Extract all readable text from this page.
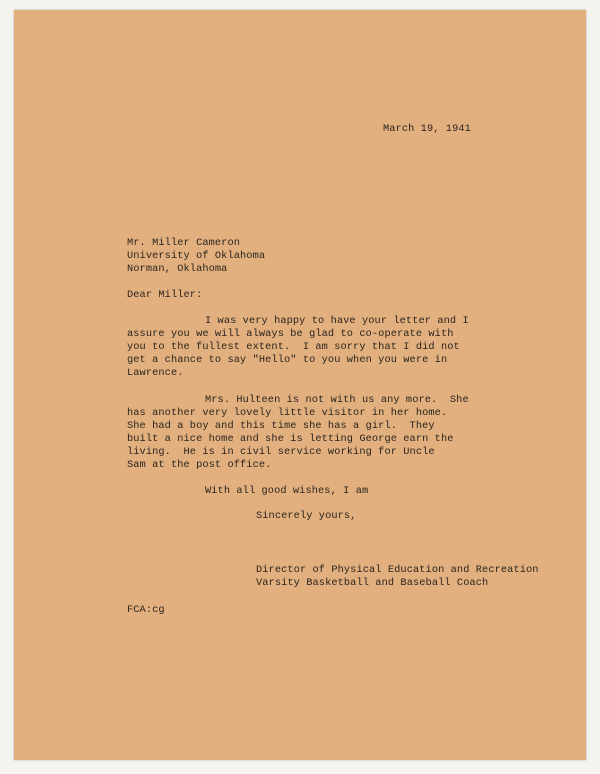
March 19, 1941
Mr. Miller Cameron
University of Oklahoma
Norman, Oklahoma
Dear Miller:
I was very happy to have your letter and I
assure you we will always be glad to co-operate with
you to the fullest extent.  I am sorry that I did not
get a chance to say "Hello" to you when you were in
Lawrence.
Mrs. Hulteen is not with us any more.  She
has another very lovely little visitor in her home.
She had a boy and this time she has a girl.  They
built a nice home and she is letting George earn the
living.  He is in civil service working for Uncle
Sam at the post office.
With all good wishes, I am
Sincerely yours,
Director of Physical Education and Recreation
Varsity Basketball and Baseball Coach
FCA:cg
